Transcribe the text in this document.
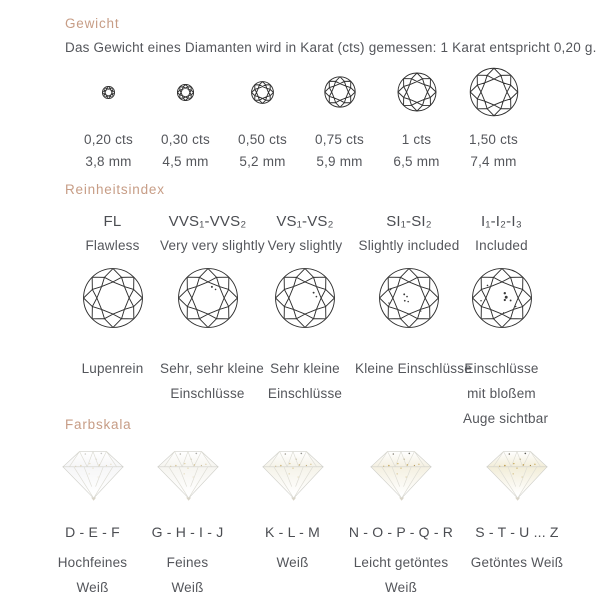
Gewicht

Das Gewicht eines Diamanten wird in Karat (cts) gemessen: 1 Karat entspricht 0,20 g.

0,20 cts
3,8 mm
0,30 cts
4,5 mm
0,50 cts
5,2 mm
0,75 cts
5,9 mm
1 cts
6,5 mm
1,50 cts
7,4 mm
Reinheitsindex
FL
Flawless
Lupenrein
VVS₁-VVS₂
Very very slightly
Sehr, sehr kleine
Einschlüsse
VS₁-VS₂
Very slightly
Sehr kleine
Einschlüsse
SI₁-SI₂
Slightly included
Kleine Einschlüsse
I₁-I₂-I₃
Included
Einschlüsse
mit bloßem
Auge sichtbar
Farbskala
D - E - F
Hochfeines
Weiß
G - H - I - J
Feines
Weiß
K - L - M
Weiß
N - O - P - Q - R
Leicht getöntes
Weiß
S - T - U ... Z
Getöntes Weiß
